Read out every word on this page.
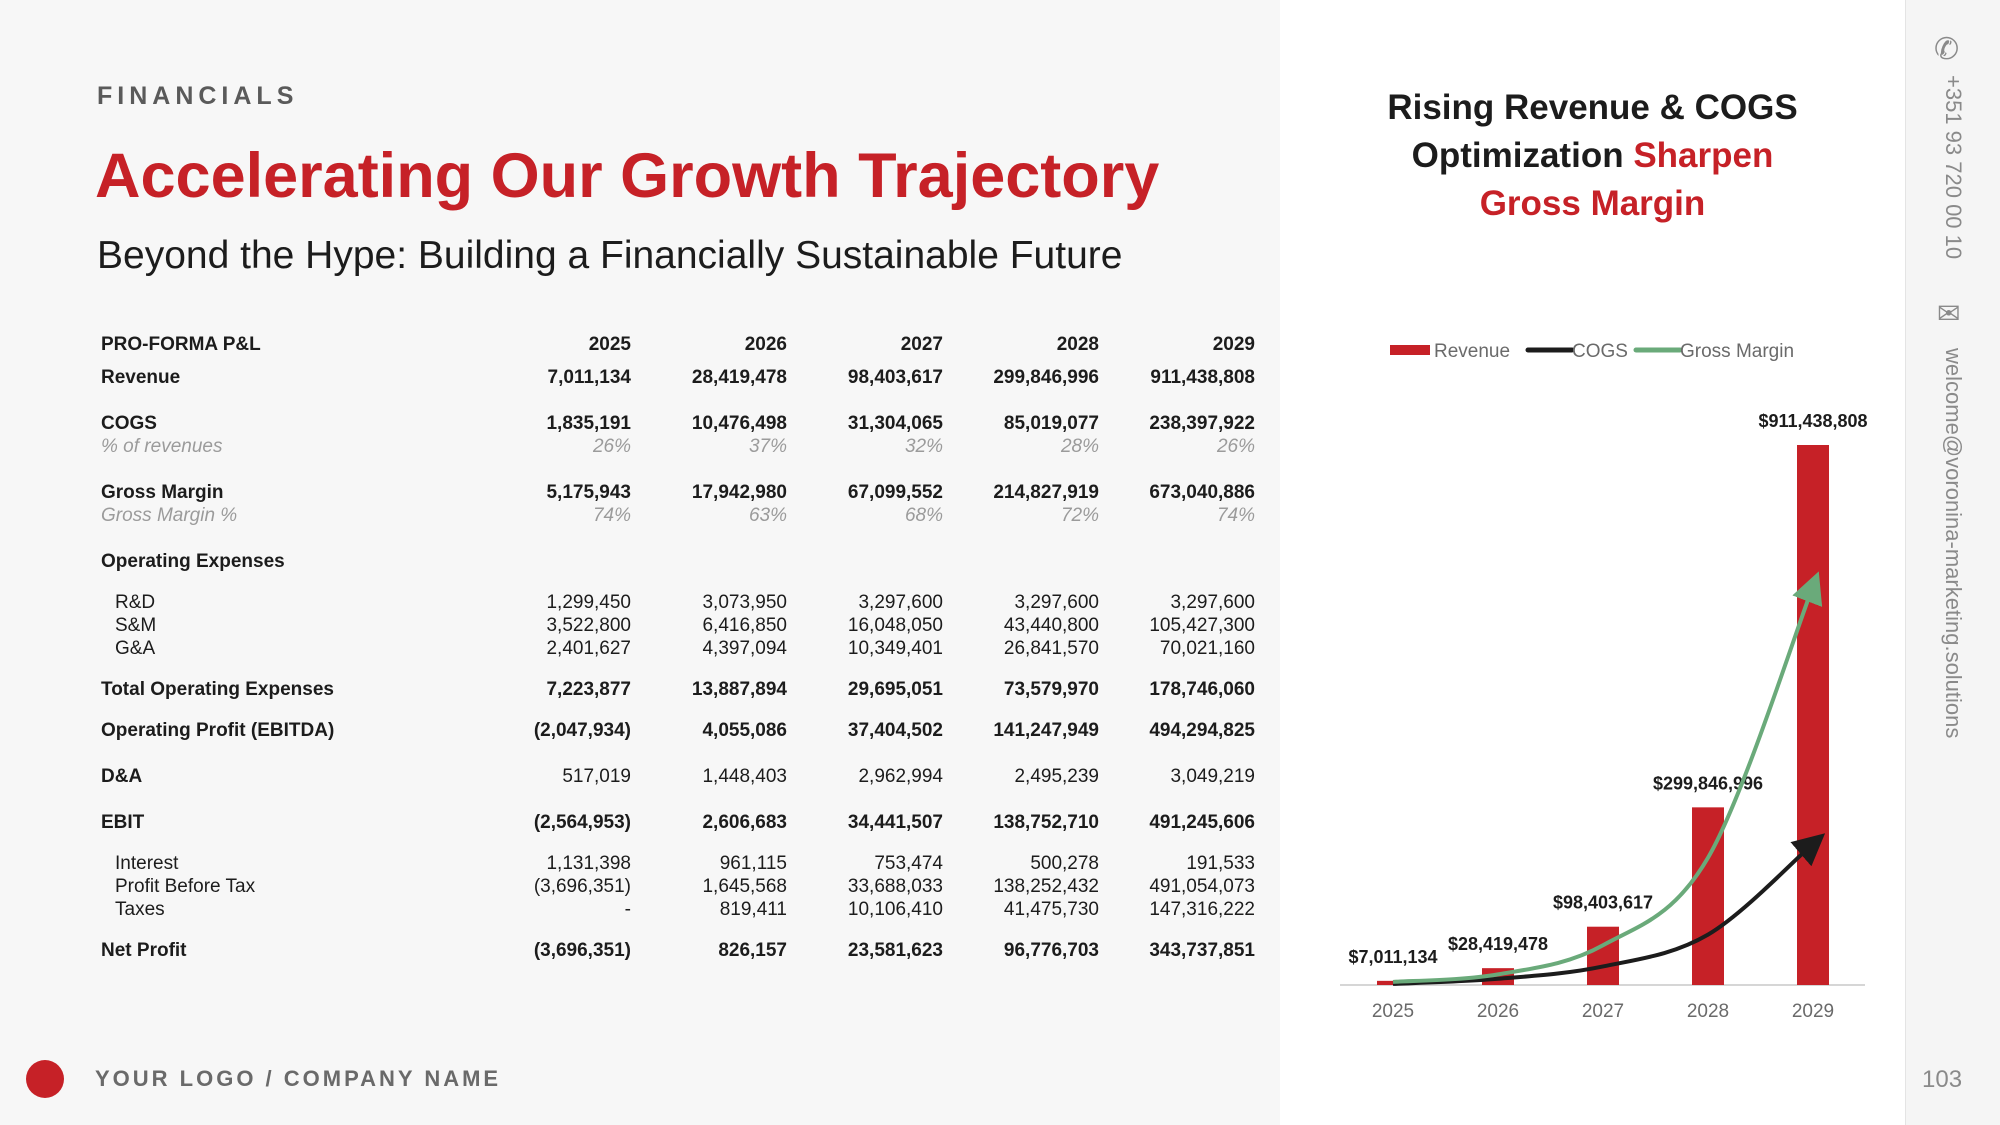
FINANCIALS
Accelerating Our Growth Trajectory
Beyond the Hype: Building a Financially Sustainable Future
PRO-FORMA P&L	2025	2026	2027	2028	2029

Revenue	7,011,134	28,419,478	98,403,617	299,846,996	911,438,808

COGS	1,835,191	10,476,498	31,304,065	85,019,077	238,397,922
% of revenues	26%	37%	32%	28%	26%

Gross Margin	5,175,943	17,942,980	67,099,552	214,827,919	673,040,886
Gross Margin %	74%	63%	68%	72%	74%

Operating Expenses					

R&D	1,299,450	3,073,950	3,297,600	3,297,600	3,297,600
S&M	3,522,800	6,416,850	16,048,050	43,440,800	105,427,300
G&A	2,401,627	4,397,094	10,349,401	26,841,570	70,021,160

Total Operating Expenses	7,223,877	13,887,894	29,695,051	73,579,970	178,746,060

Operating Profit (EBITDA)	(2,047,934)	4,055,086	37,404,502	141,247,949	494,294,825

D&A	517,019	1,448,403	2,962,994	2,495,239	3,049,219

EBIT	(2,564,953)	2,606,683	34,441,507	138,752,710	491,245,606

Interest	1,131,398	961,115	753,474	500,278	191,533
Profit Before Tax	(3,696,351)	1,645,568	33,688,033	138,252,432	491,054,073
Taxes	-	819,411	10,106,410	41,475,730	147,316,222

Net Profit	(3,696,351)	826,157	23,581,623	96,776,703	343,737,851
YOUR LOGO / COMPANY NAME
Rising Revenue & COGS
Optimization Sharpen
Gross Margin
$7,011,134
$28,419,478
$98,403,617
$299,846,996
$911,438,808
2025	2026	2027	2028	2029
Revenue	COGS	Gross Margin
✆
+351 93 720 00 10
✉
welcome@voronina-marketing.solutions
103
